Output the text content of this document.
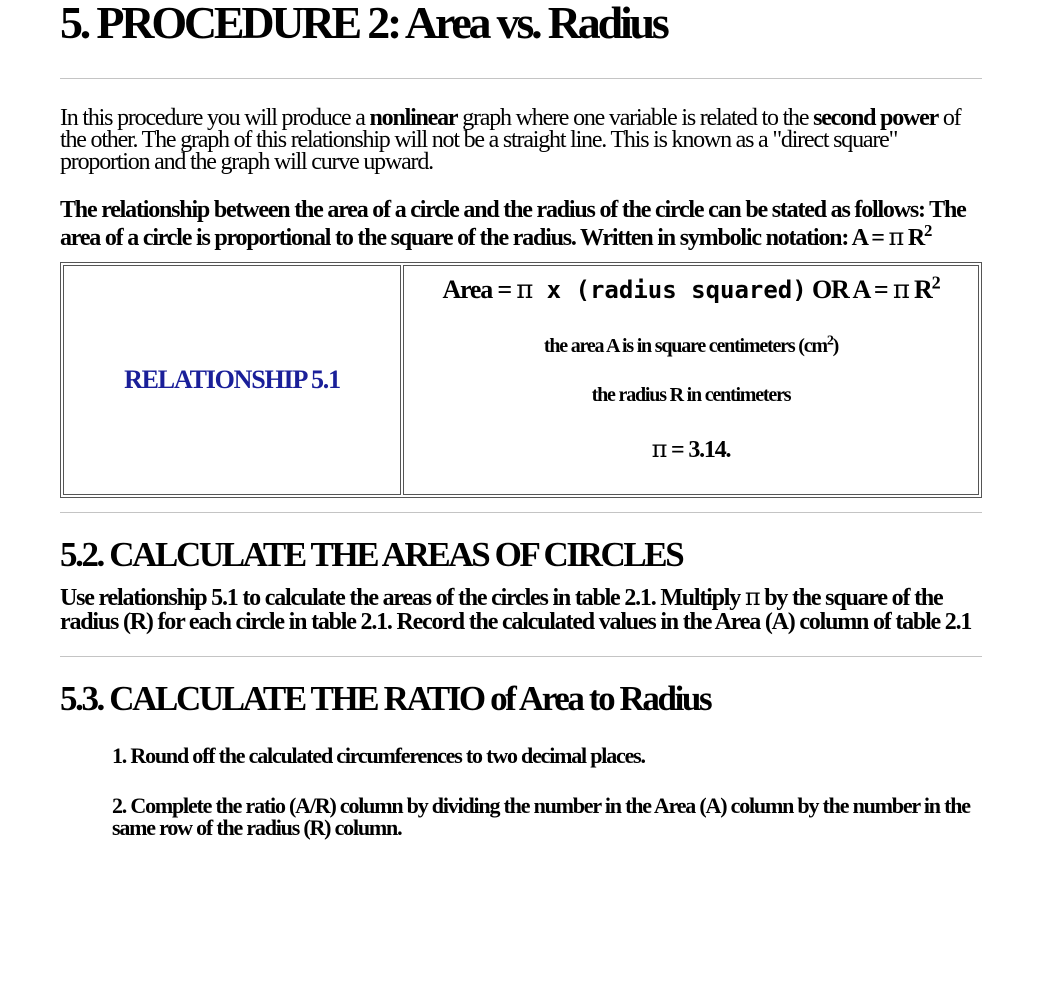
5. PROCEDURE 2: Area vs. Radius

In this procedure you will produce a nonlinear graph where one variable is related to the second power of the other. The graph of this relationship will not be a straight line. This is known as a "direct square" proportion and the graph will curve upward.

The relationship between the area of a circle and the radius of the circle can be stated as follows: The area of a circle is proportional to the square of the radius. Written in symbolic notation: A = π $R^2$

RELATIONSHIP 5.1	
Area = π x (radius squared) OR A = π $R^2$
the area A is in square centimeters $(cm^2)$
the radius R in centimeters
π = 3.14.
5.2. CALCULATE THE AREAS OF CIRCLES

Use relationship 5.1 to calculate the areas of the circles in table 2.1. Multiply π by the square of the radius (R) for each circle in table 2.1. Record the calculated values in the Area (A) column of table 2.1

5.3. CALCULATE THE RATIO of Area to Radius
1. Round off the calculated circumferences to two decimal places.
2. Complete the ratio (A/R) column by dividing the number in the Area (A) column by the number in the same row of the radius (R) column.
